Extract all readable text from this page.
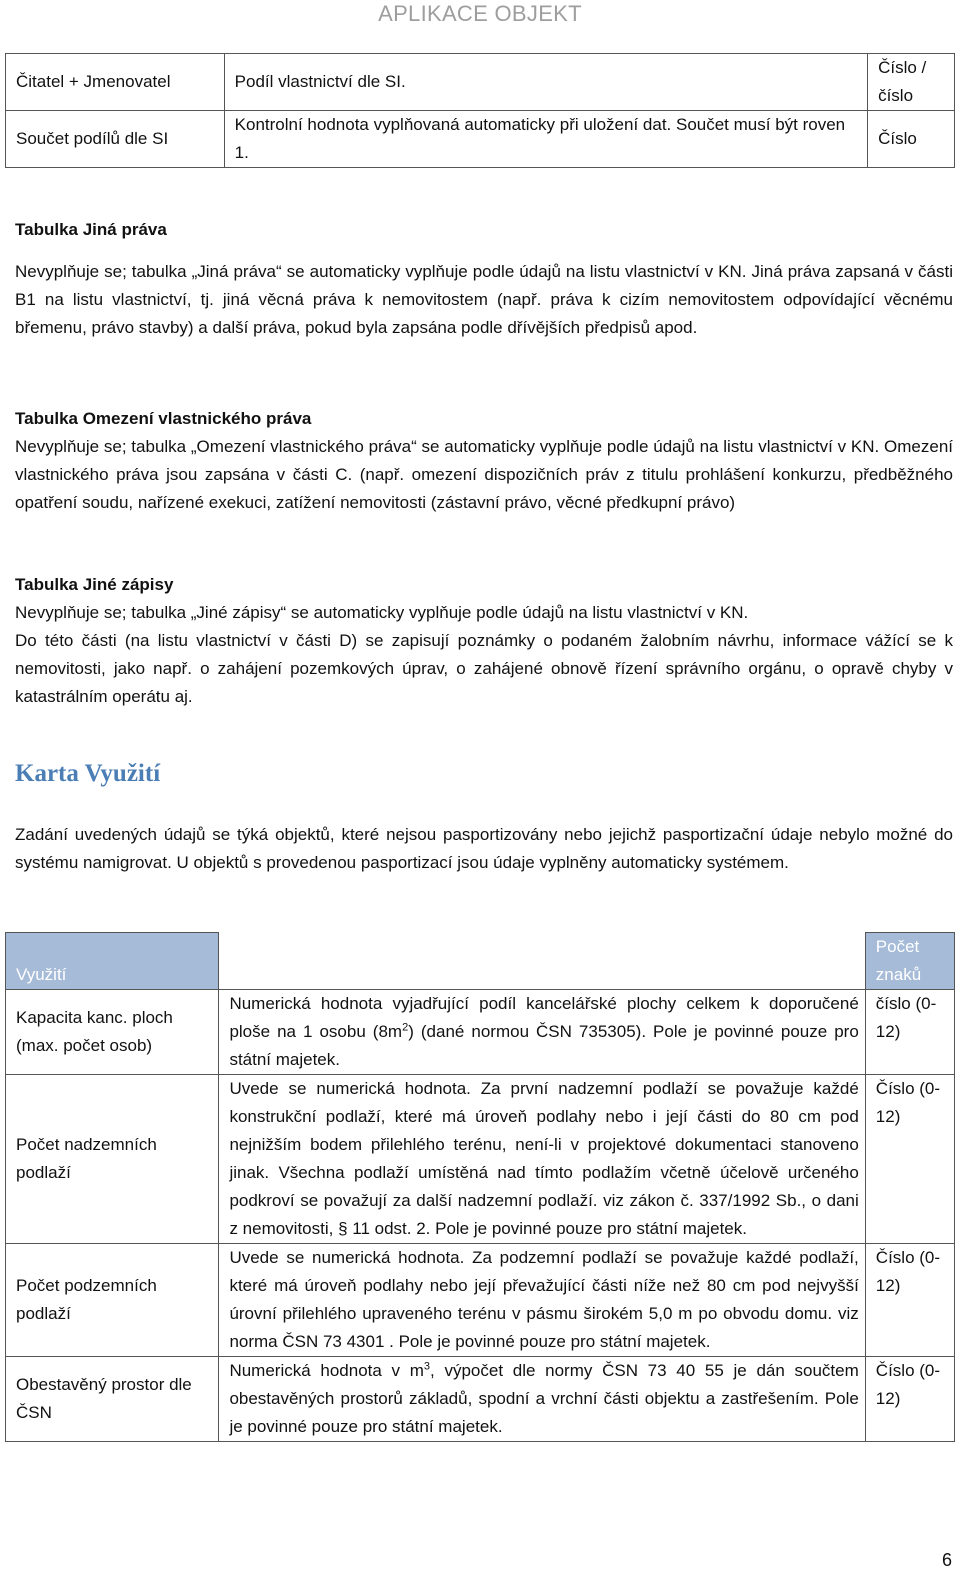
APLIKACE OBJEKT
Čitatel + Jmenovatel	Podíl vlastnictví dle SI.	Číslo / číslo
Součet podílů dle SI	Kontrolní hodnota vyplňovaná automaticky při uložení dat. Součet musí být roven 1.	Číslo
Tabulka Jiná práva
Nevyplňuje se; tabulka „Jiná práva“ se automaticky vyplňuje podle údajů na listu vlastnictví v KN. Jiná práva zapsaná v části B1 na listu vlastnictví, tj. jiná věcná práva k nemovitostem (např. práva k cizím nemovitostem odpovídající věcnému břemenu, právo stavby) a další práva, pokud byla zapsána podle dřívějších předpisů apod.
Tabulka Omezení vlastnického práva
Nevyplňuje se; tabulka „Omezení vlastnického práva“ se automaticky vyplňuje podle údajů na listu vlastnictví v KN. Omezení vlastnického práva jsou zapsána v části C. (např. omezení dispozičních práv z titulu prohlášení konkurzu, předběžného opatření soudu, nařízené exekuci, zatížení nemovitosti (zástavní právo, věcné předkupní právo)
Tabulka Jiné zápisy
Nevyplňuje se; tabulka „Jiné zápisy“ se automaticky vyplňuje podle údajů na listu vlastnictví v KN.
Do této části (na listu vlastnictví v části D) se zapisují poznámky o podaném žalobním návrhu, informace vážící se k nemovitosti, jako např. o zahájení pozemkových úprav, o zahájené obnově řízení správního orgánu, o opravě chyby v katastrálním operátu aj.
Karta Využití
Zadání uvedených údajů se týká objektů, které nejsou pasportizovány nebo jejichž pasportizační údaje nebylo možné do systému namigrovat. U objektů s provedenou pasportizací jsou údaje vyplněny automaticky systémem.
Využití		Počet znaků
Kapacita kanc. ploch (max. počet osob)	Numerická hodnota vyjadřující podíl kancelářské plochy celkem k doporučené ploše na 1 osobu $(8m^2)$ (dané normou ČSN 735305). Pole je povinné pouze pro státní majetek.	číslo (0-12)
Počet nadzemních podlaží	Uvede se numerická hodnota. Za první nadzemní podlaží se považuje každé konstrukční podlaží, které má úroveň podlahy nebo i její části do 80 cm pod nejnižším bodem přilehlého terénu, není-li v projektové dokumentaci stanoveno jinak. Všechna podlaží umístěná nad tímto podlažím včetně účelově určeného podkroví se považují za další nadzemní podlaží. viz zákon č. 337/1992 Sb., o dani z nemovitosti, § 11 odst. 2. Pole je povinné pouze pro státní majetek.	Číslo (0-12)
Počet podzemních podlaží	Uvede se numerická hodnota. Za podzemní podlaží se považuje každé podlaží, které má úroveň podlahy nebo její převažující části níže než 80 cm pod nejvyšší úrovní přilehlého upraveného terénu v pásmu širokém 5,0 m po obvodu domu. viz norma ČSN 73 4301 . Pole je povinné pouze pro státní majetek.	Číslo (0-12)
Obestavěný prostor dle ČSN	Numerická hodnota v $m^3$, výpočet dle normy ČSN 73 40 55 je dán součtem obestavěných prostorů základů, spodní a vrchní části objektu a zastřešením. Pole je povinné pouze pro státní majetek.	Číslo (0-12)
6
